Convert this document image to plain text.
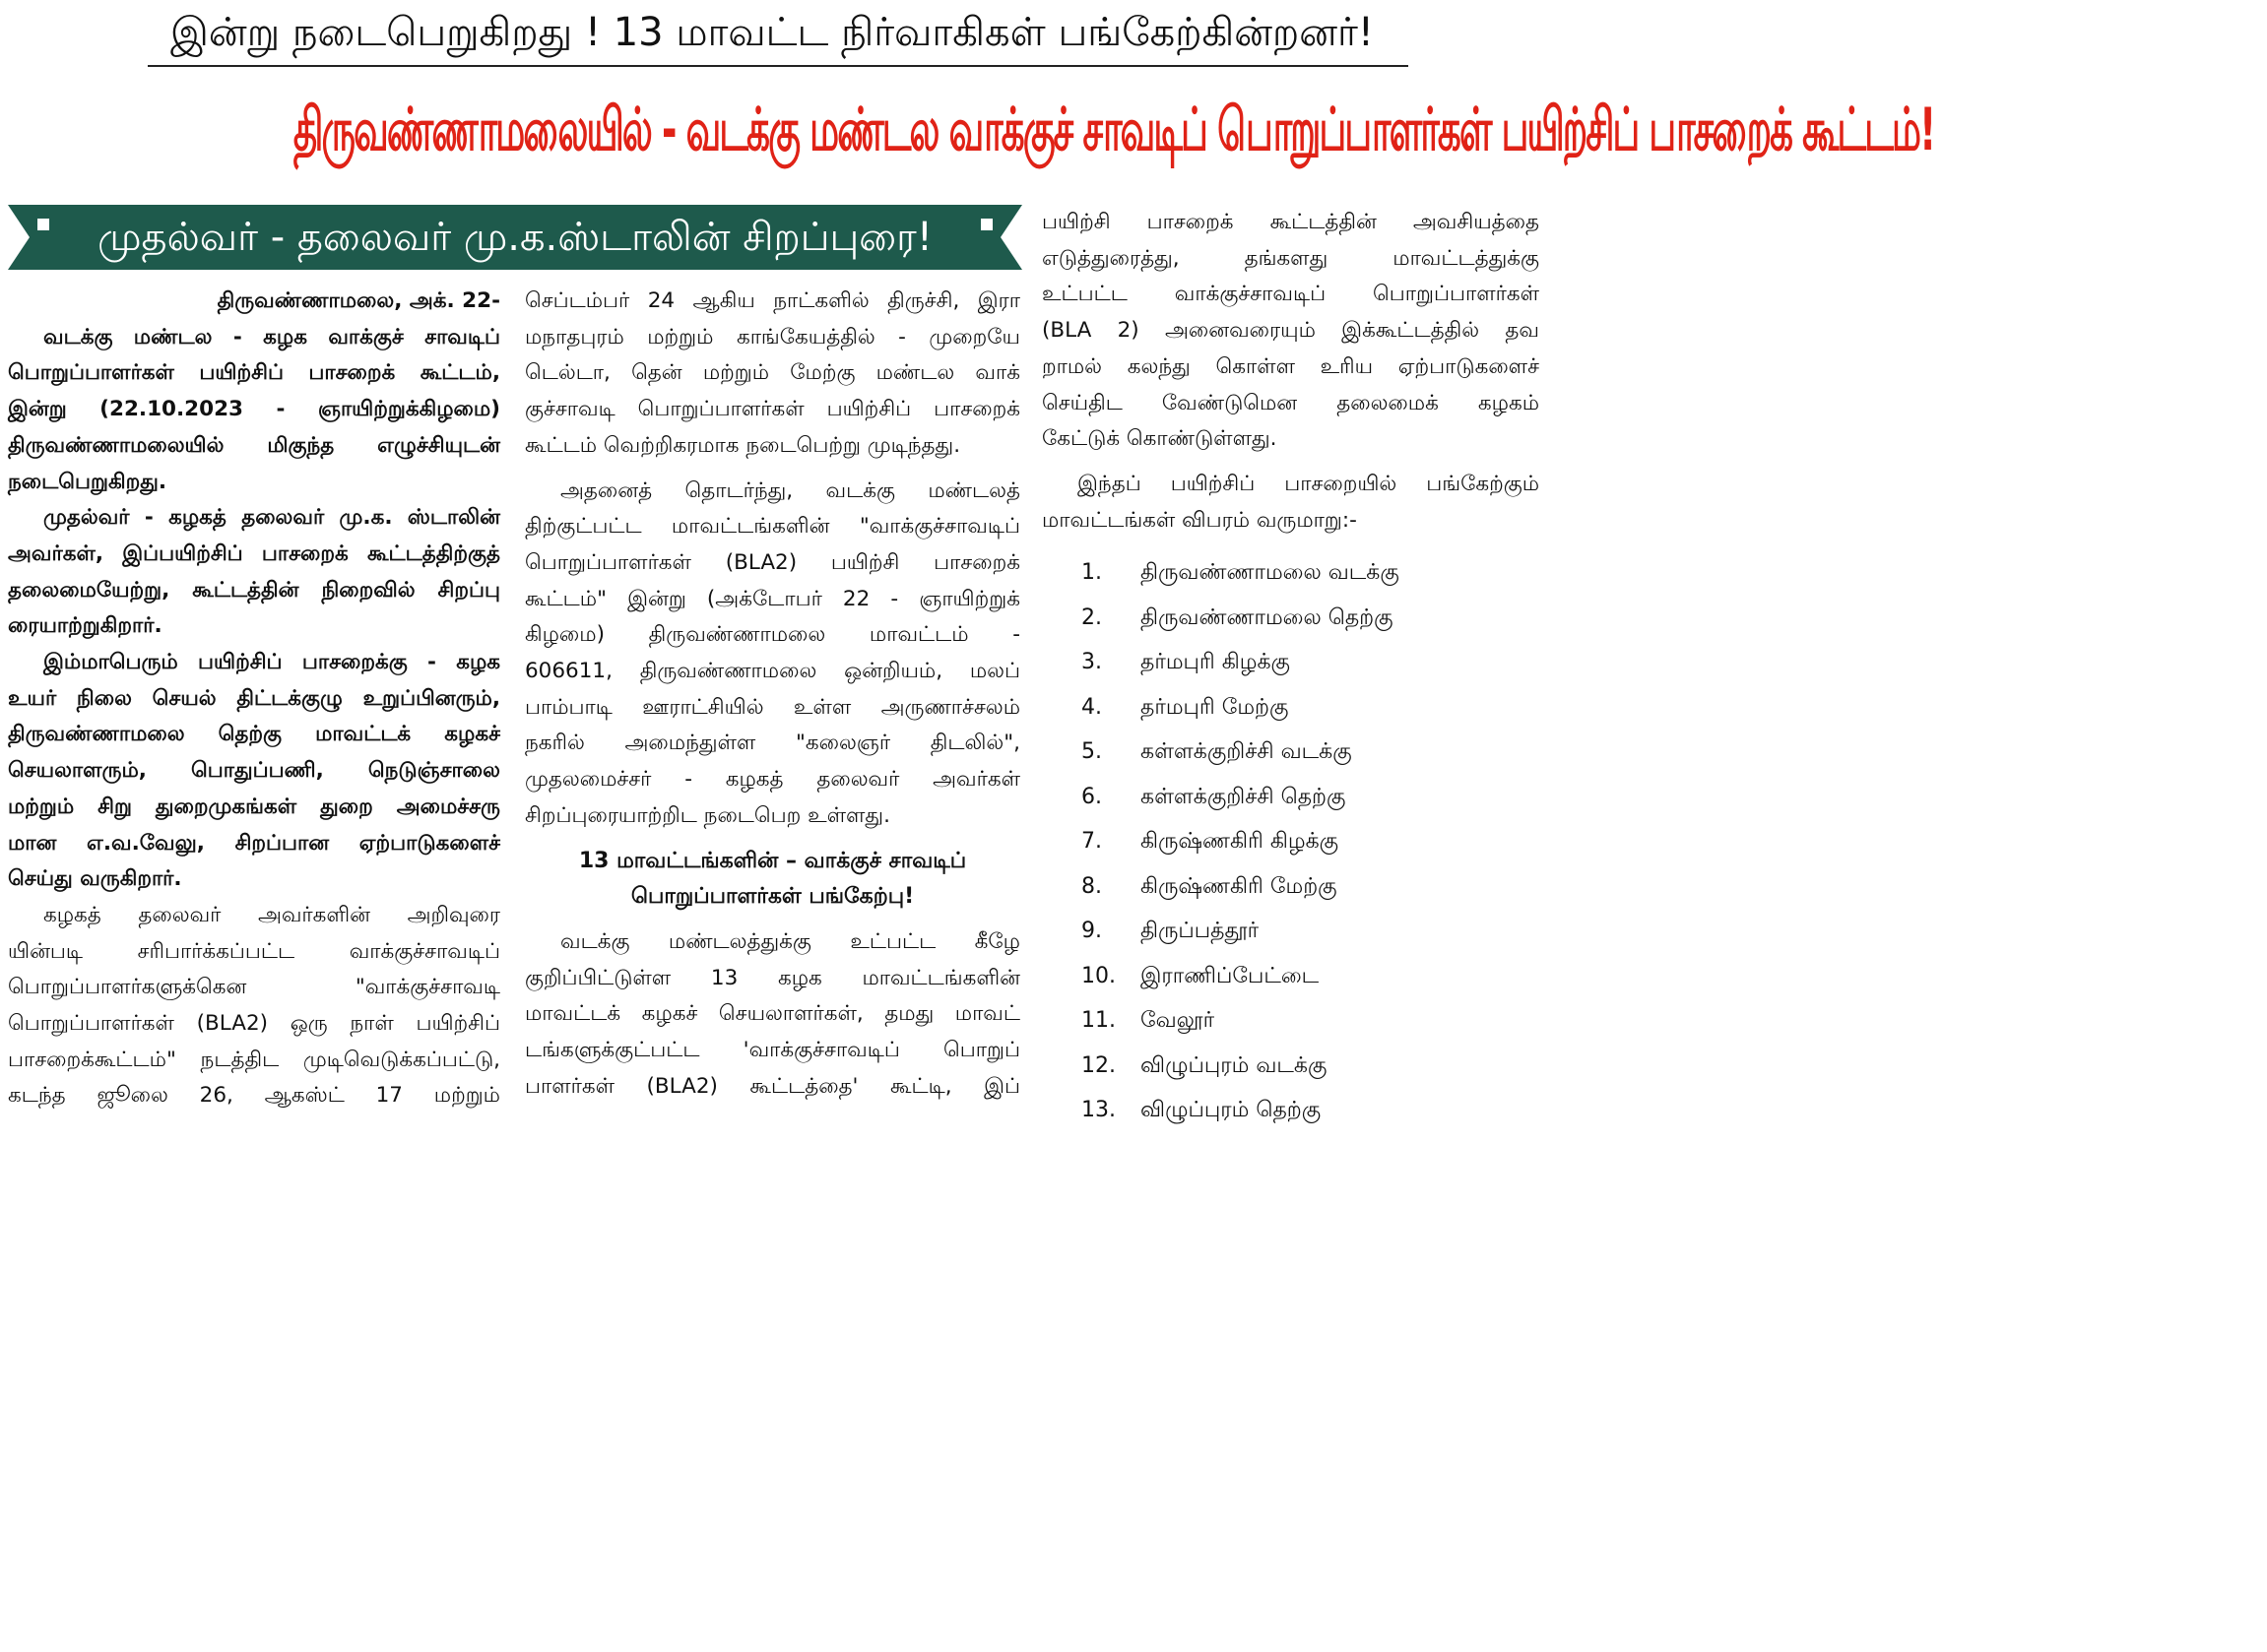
இன்று நடைபெறுகிறது ! 13 மாவட்ட நிர்வாகிகள் பங்கேற்கின்றனர்!
திருவண்ணாமலையில் - வடக்கு மண்டல வாக்குச் சாவடிப் பொறுப்பாளர்கள் பயிற்சிப் பாசறைக் கூட்டம்!
முதல்வர் - தலைவர் மு.க.ஸ்டாலின் சிறப்புரை!

திருவண்ணாமலை, அக். 22-

வடக்கு மண்டல - கழக வாக்குச் சாவடிப்

பொறுப்பாளர்கள் பயிற்சிப் பாசறைக் கூட்டம்,

இன்று (22.10.2023 - ஞாயிற்றுக்கிழமை)

திருவண்ணாமலையில் மிகுந்த எழுச்சியுடன்

நடைபெறுகிறது.

முதல்வர் - கழகத் தலைவர் மு.க. ஸ்டாலின்

அவர்கள், இப்பயிற்சிப் பாசறைக் கூட்டத்திற்குத்

தலைமையேற்று, கூட்டத்தின் நிறைவில் சிறப்பு

ரையாற்றுகிறார்.

இம்மாபெரும் பயிற்சிப் பாசறைக்கு - கழக

உயர் நிலை செயல் திட்டக்குழு உறுப்பினரும்,

திருவண்ணாமலை தெற்கு மாவட்டக் கழகச்

செயலாளரும், பொதுப்பணி, நெடுஞ்சாலை

மற்றும் சிறு துறைமுகங்கள் துறை அமைச்சரு

மான எ.வ.வேலு, சிறப்பான ஏற்பாடுகளைச்

செய்து வருகிறார்.

கழகத் தலைவர் அவர்களின் அறிவுரை

யின்படி சரிபார்க்கப்பட்ட வாக்குச்சாவடிப்

பொறுப்பாளர்களுக்கென "வாக்குச்சாவடி

பொறுப்பாளர்கள் (BLA2) ஒரு நாள் பயிற்சிப்

பாசறைக்கூட்டம்" நடத்திட முடிவெடுக்கப்பட்டு,

கடந்த ஜூலை 26, ஆகஸ்ட் 17 மற்றும்

செப்டம்பர் 24 ஆகிய நாட்களில் திருச்சி, இரா

மநாதபுரம் மற்றும் காங்கேயத்தில் - முறையே

டெல்டா, தென் மற்றும் மேற்கு மண்டல வாக்

குச்சாவடி பொறுப்பாளர்கள் பயிற்சிப் பாசறைக்

கூட்டம் வெற்றிகரமாக நடைபெற்று முடிந்தது.

அதனைத் தொடர்ந்து, வடக்கு மண்டலத்

திற்குட்பட்ட மாவட்டங்களின் "வாக்குச்சாவடிப்

பொறுப்பாளர்கள் (BLA2) பயிற்சி பாசறைக்

கூட்டம்" இன்று (அக்டோபர் 22 - ஞாயிற்றுக்

கிழமை) திருவண்ணாமலை மாவட்டம் -

606611, திருவண்ணாமலை ஒன்றியம், மலப்

பாம்பாடி ஊராட்சியில் உள்ள அருணாச்சலம்

நகரில் அமைந்துள்ள "கலைஞர் திடலில்",

முதலமைச்சர் - கழகத் தலைவர் அவர்கள்

சிறப்புரையாற்றிட நடைபெற உள்ளது.

13 மாவட்டங்களின் – வாக்குச் சாவடிப்

பொறுப்பாளர்கள் பங்கேற்பு!

வடக்கு மண்டலத்துக்கு உட்பட்ட கீழே

குறிப்பிட்டுள்ள 13 கழக மாவட்டங்களின்

மாவட்டக் கழகச் செயலாளர்கள், தமது மாவட்

டங்களுக்குட்பட்ட 'வாக்குச்சாவடிப் பொறுப்

பாளர்கள் (BLA2) கூட்டத்தை' கூட்டி, இப்

பயிற்சி பாசறைக் கூட்டத்தின் அவசியத்தை

எடுத்துரைத்து, தங்களது மாவட்டத்துக்கு

உட்பட்ட வாக்குச்சாவடிப் பொறுப்பாளர்கள்

(BLA 2) அனைவரையும் இக்கூட்டத்தில் தவ

றாமல் கலந்து கொள்ள உரிய ஏற்பாடுகளைச்

செய்திட வேண்டுமென தலைமைக் கழகம்

கேட்டுக் கொண்டுள்ளது.

இந்தப் பயிற்சிப் பாசறையில் பங்கேற்கும்

மாவட்டங்கள் விபரம் வருமாறு:-

1.	திருவண்ணாமலை வடக்கு
2.	திருவண்ணாமலை தெற்கு
3.	தர்மபுரி கிழக்கு
4.	தர்மபுரி மேற்கு
5.	கள்ளக்குறிச்சி வடக்கு
6.	கள்ளக்குறிச்சி தெற்கு
7.	கிருஷ்ணகிரி கிழக்கு
8.	கிருஷ்ணகிரி மேற்கு
9.	திருப்பத்தூர்
10.	இராணிப்பேட்டை
11.	வேலூர்
12.	விழுப்புரம் வடக்கு
13.	விழுப்புரம் தெற்கு
